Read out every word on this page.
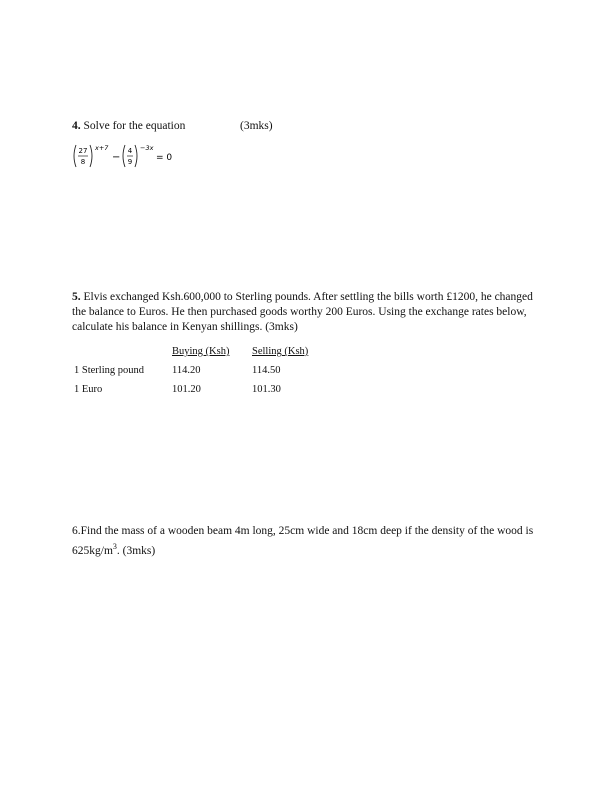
4. Solve for the equation	(3mks)
27
8
x+7
−
4
9
−3x
= 0
5. Elvis exchanged Ksh.600,000 to Sterling pounds. After settling the bills worth £1200, he changed the balance to Euros. He then purchased goods worthy 200 Euros. Using the exchange rates below, calculate his balance in Kenyan shillings. (3mks)
	Buying (Ksh)	Selling (Ksh)
1 Sterling pound	114.20	114.50
1 Euro	101.20	101.30
6.Find the mass of a wooden beam 4m long, 25cm wide and 18cm deep if the density of the wood is $625kg/m^3$. (3mks)
